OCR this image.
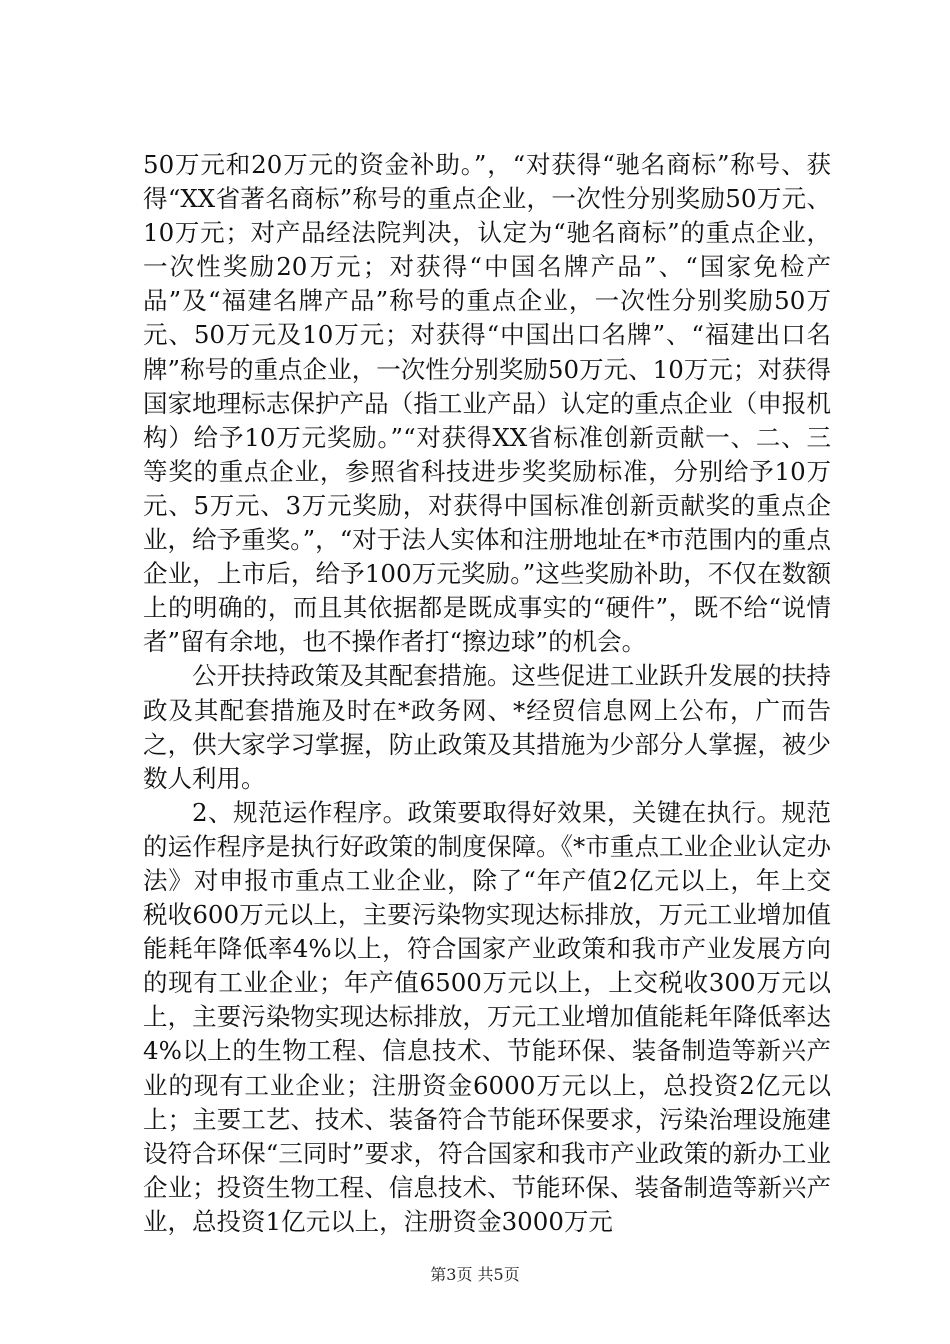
50万元和20万元的资金补助。”，“对获得“驰名商标”称号、获得“XX省著名商标”称号的重点企业，一次性分别奖励50万元、10万元；对产品经法院判决，认定为“驰名商标”的重点企业，一次性奖励20万元；对获得“中国名牌产品”、“国家免检产品”及“福建名牌产品”称号的重点企业，一次性分别奖励50万元、50万元及10万元；对获得“中国出口名牌”、“福建出口名牌”称号的重点企业，一次性分别奖励50万元、10万元；对获得国家地理标志保护产品（指工业产品）认定的重点企业（申报机构）给予10万元奖励。”“对获得XX省标准创新贡献一、二、三等奖的重点企业，参照省科技进步奖奖励标准，分别给予10万元、5万元、3万元奖励，对获得中国标准创新贡献奖的重点企业，给予重奖。”，“对于法人实体和注册地址在*市范围内的重点企业，上市后，给予100万元奖励。”这些奖励补助，不仅在数额上的明确的，而且其依据都是既成事实的“硬件”，既不给“说情者”留有余地，也不操作者打“擦边球”的机会。

公开扶持政策及其配套措施。这些促进工业跃升发展的扶持政及其配套措施及时在*政务网、*经贸信息网上公布，广而告之，供大家学习掌握，防止政策及其措施为少部分人掌握，被少数人利用。

2、规范运作程序。政策要取得好效果，关键在执行。规范的运作程序是执行好政策的制度保障。《*市重点工业企业认定办法》对申报市重点工业企业，除了“年产值2亿元以上，年上交税收600万元以上，主要污染物实现达标排放，万元工业增加值能耗年降低率4%以上，符合国家产业政策和我市产业发展方向的现有工业企业；年产值6500万元以上，上交税收300万元以上，主要污染物实现达标排放，万元工业增加值能耗年降低率达4%以上的生物工程、信息技术、节能环保、装备制造等新兴产业的现有工业企业；注册资金6000万元以上，总投资2亿元以上；主要工艺、技术、装备符合节能环保要求，污染治理设施建设符合环保“三同时”要求，符合国家和我市产业政策的新办工业企业；投资生物工程、信息技术、节能环保、装备制造等新兴产业，总投资1亿元以上，注册资金3000万元

第3页 共5页
